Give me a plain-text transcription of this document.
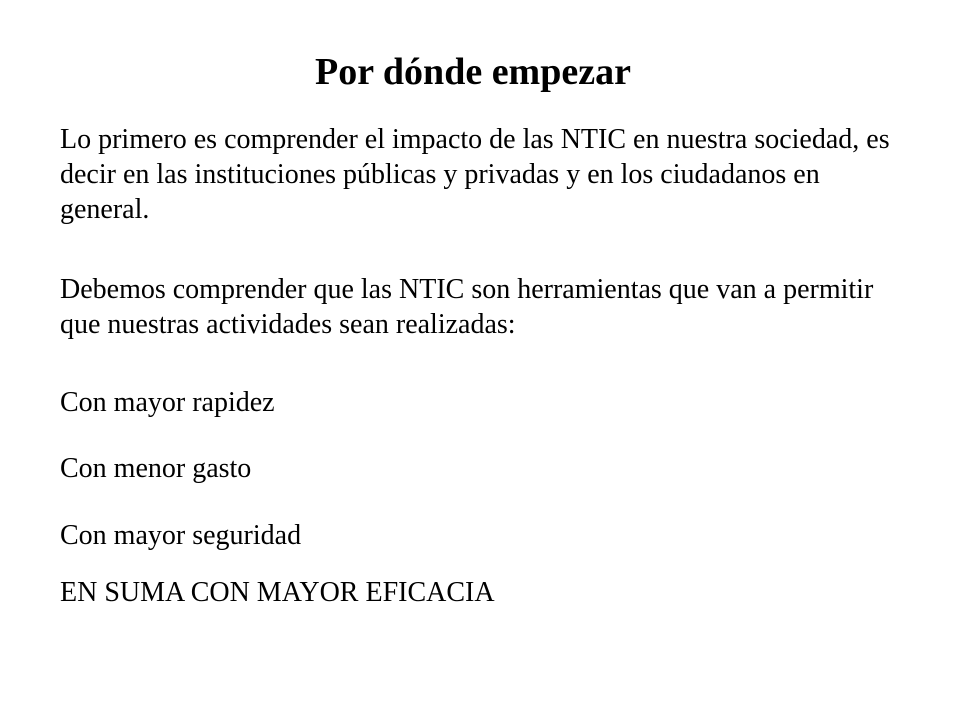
Por dónde empezar

Lo primero es comprender el impacto de las NTIC en nuestra sociedad, es decir en las instituciones públicas y privadas y en los ciudadanos en general.

Debemos comprender que las NTIC son herramientas que van a permitir que nuestras actividades sean realizadas:

Con mayor rapidez

Con menor gasto

Con mayor seguridad

EN SUMA CON MAYOR EFICACIA
